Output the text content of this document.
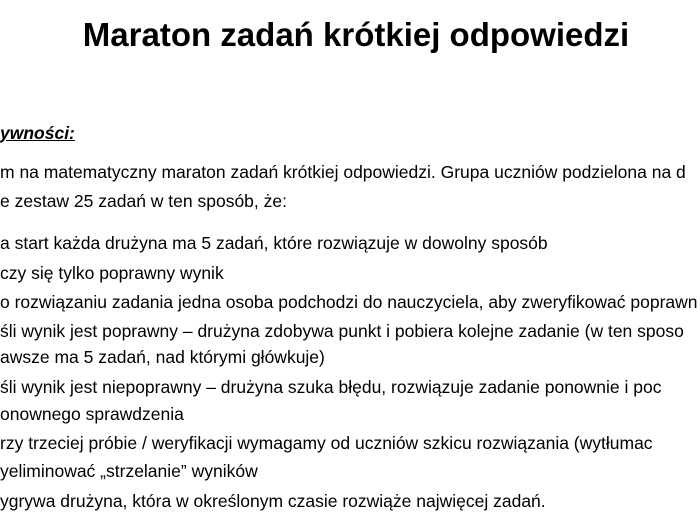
Maraton zadań krótkiej odpowiedzi
ywności:
m na matematyczny maraton zadań krótkiej odpowiedzi. Grupa uczniów podzielona na d
e zestaw 25 zadań w ten sposób, że:
a start każda drużyna ma 5 zadań, które rozwiązuje w dowolny sposób
czy się tylko poprawny wynik
o rozwiązaniu zadania jedna osoba podchodzi do nauczyciela, aby zweryfikować poprawn
śli wynik jest poprawny – drużyna zdobywa punkt i pobiera kolejne zadanie (w ten sposo
awsze ma 5 zadań, nad którymi główkuje)
śli wynik jest niepoprawny – drużyna szuka błędu, rozwiązuje zadanie ponownie i poc
onownego sprawdzenia
rzy trzeciej próbie / weryfikacji wymagamy od uczniów szkicu rozwiązania (wytłumac
yeliminować „strzelanie” wyników
ygrywa drużyna, która w określonym czasie rozwiąże najwięcej zadań.
